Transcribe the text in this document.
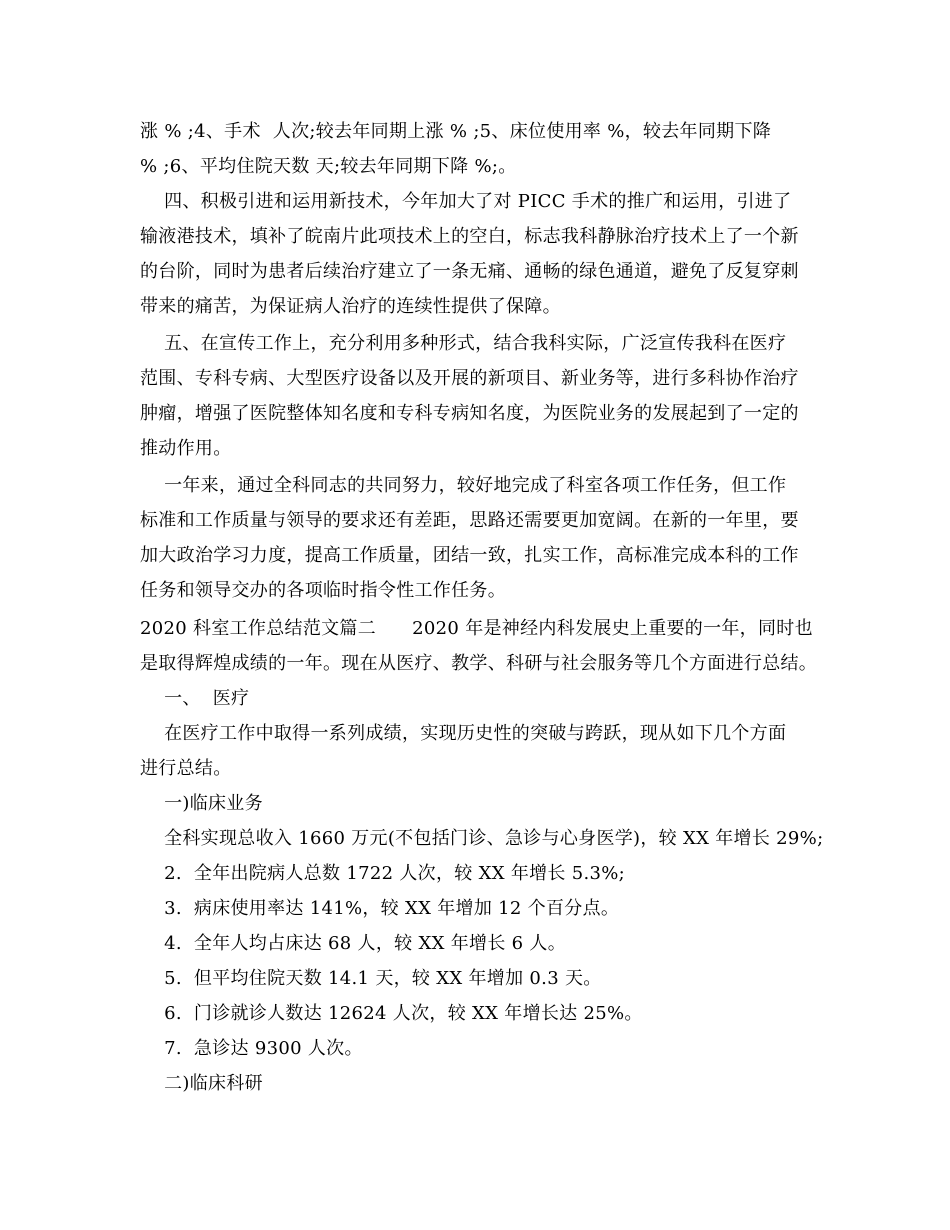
涨 % ;4、手术  人次;较去年同期上涨 % ;5、床位使用率 %，较去年同期下降
% ;6、平均住院天数 天;较去年同期下降 %;。
四、积极引进和运用新技术，今年加大了对 PICC 手术的推广和运用，引进了
输液港技术，填补了皖南片此项技术上的空白，标志我科静脉治疗技术上了一个新
的台阶，同时为患者后续治疗建立了一条无痛、通畅的绿色通道，避免了反复穿刺
带来的痛苦，为保证病人治疗的连续性提供了保障。
五、在宣传工作上，充分利用多种形式，结合我科实际，广泛宣传我科在医疗
范围、专科专病、大型医疗设备以及开展的新项目、新业务等，进行多科协作治疗
肿瘤，增强了医院整体知名度和专科专病知名度，为医院业务的发展起到了一定的
推动作用。
一年来，通过全科同志的共同努力，较好地完成了科室各项工作任务，但工作
标准和工作质量与领导的要求还有差距，思路还需要更加宽阔。在新的一年里，要
加大政治学习力度，提高工作质量，团结一致，扎实工作，高标准完成本科的工作
任务和领导交办的各项临时指令性工作任务。
2020 科室工作总结范文篇二      2020 年是神经内科发展史上重要的一年，同时也
是取得辉煌成绩的一年。现在从医疗、教学、科研与社会服务等几个方面进行总结。
一、  医疗
在医疗工作中取得一系列成绩，实现历史性的突破与跨跃，现从如下几个方面
进行总结。
一)临床业务
全科实现总收入 1660 万元(不包括门诊、急诊与心身医学)，较 XX 年增长 29%;
2.  全年出院病人总数 1722 人次，较 XX 年增长 5.3%;
3.  病床使用率达 141%，较 XX 年增加 12 个百分点。
4.  全年人均占床达 68 人，较 XX 年增长 6 人。
5.  但平均住院天数 14.1 天，较 XX 年增加 0.3 天。
6.  门诊就诊人数达 12624 人次，较 XX 年增长达 25%。
7.  急诊达 9300 人次。
二)临床科研
